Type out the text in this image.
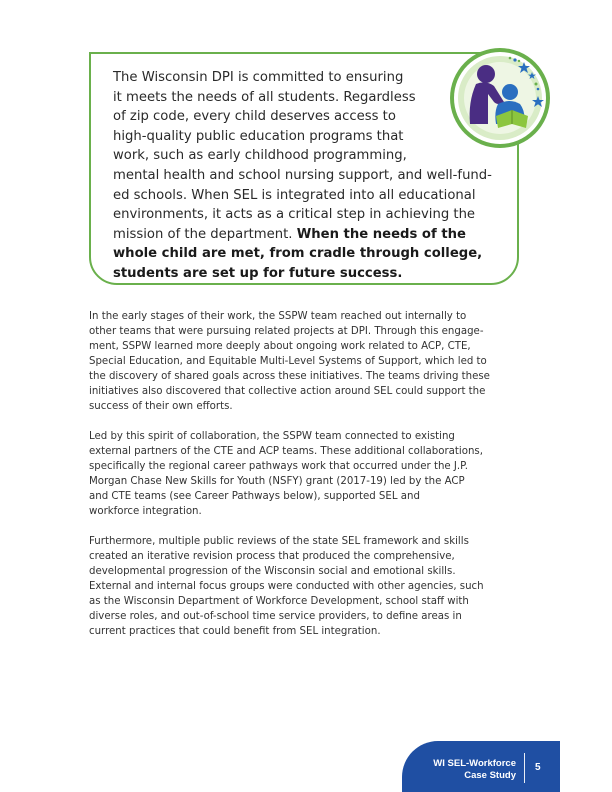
The Wisconsin DPI is committed to ensuring
it meets the needs of all students. Regardless
of zip code, every child deserves access to
high-quality public education programs that
work, such as early childhood programming,
mental health and school nursing support, and well-fund-
ed schools. When SEL is integrated into all educational
environments, it acts as a critical step in achieving the
mission of the department. When the needs of the
whole child are met, from cradle through college,
students are set up for future success.

In the early stages of their work, the SSPW team reached out internally to
other teams that were pursuing related projects at DPI. Through this engage-
ment, SSPW learned more deeply about ongoing work related to ACP, CTE,
Special Education, and Equitable Multi-Level Systems of Support, which led to
the discovery of shared goals across these initiatives. The teams driving these
initiatives also discovered that collective action around SEL could support the
success of their own efforts.

Led by this spirit of collaboration, the SSPW team connected to existing
external partners of the CTE and ACP teams. These additional collaborations,
specifically the regional career pathways work that occurred under the J.P.
Morgan Chase New Skills for Youth (NSFY) grant (2017-19) led by the ACP
and CTE teams (see Career Pathways below), supported SEL and
workforce integration.

Furthermore, multiple public reviews of the state SEL framework and skills
created an iterative revision process that produced the comprehensive,
developmental progression of the Wisconsin social and emotional skills.
External and internal focus groups were conducted with other agencies, such
as the Wisconsin Department of Workforce Development, school staff with
diverse roles, and out-of-school time service providers, to define areas in
current practices that could benefit from SEL integration.

WI SEL-Workforce
Case Study
5
